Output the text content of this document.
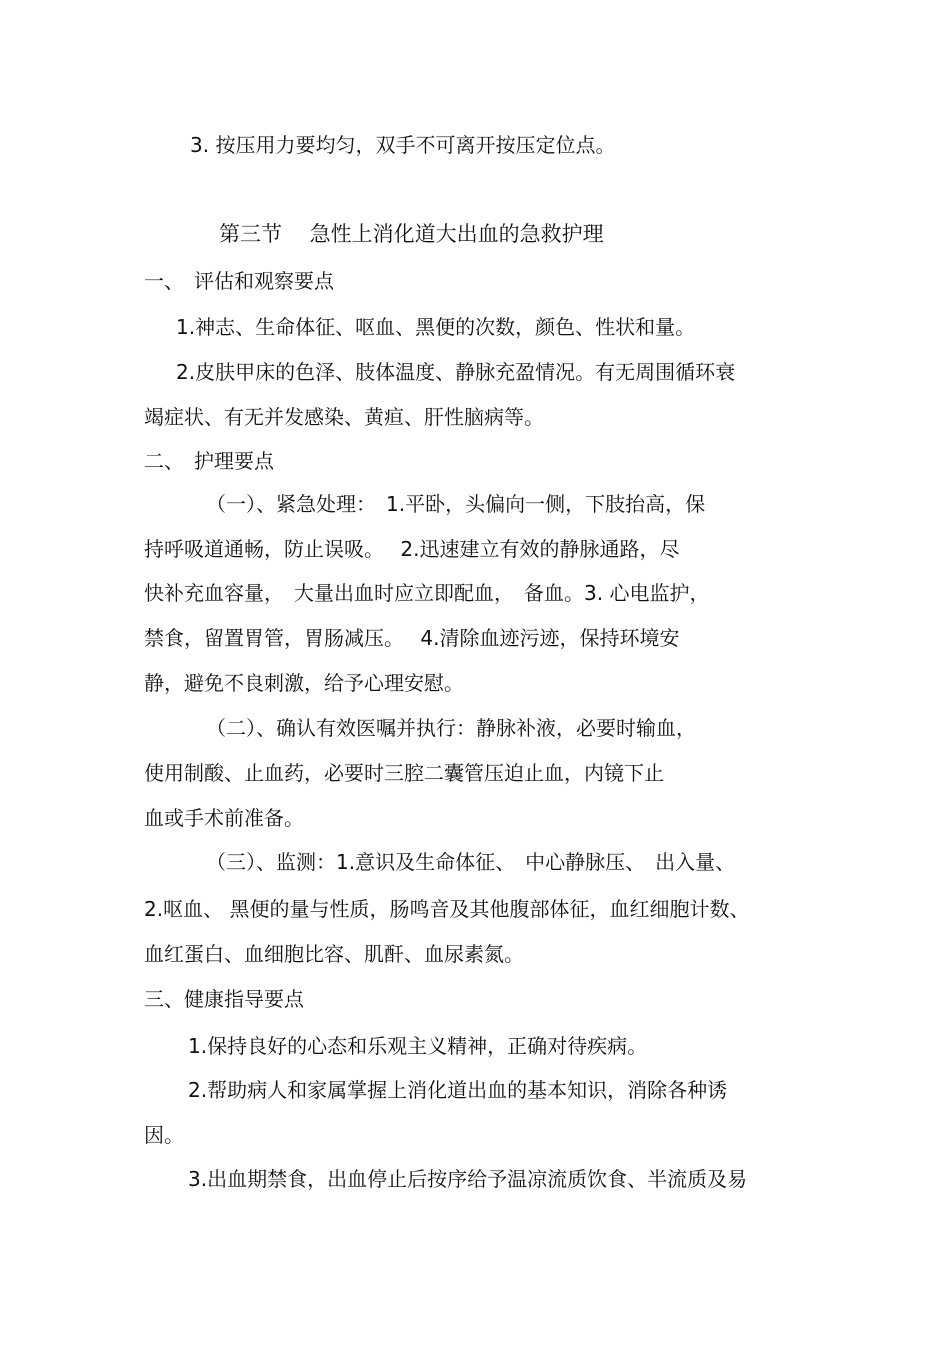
3. 按压用力要均匀，双手不可离开按压定位点。

第三节　 急性上消化道大出血的急救护理

一、　评估和观察要点

1.神志、生命体征、呕血、黑便的次数，颜色、性状和量。

2.皮肤甲床的色泽、肢体温度、静脉充盈情况。有无周围循环衰

竭症状、有无并发感染、黄疸、肝性脑病等。

二、　护理要点

（一）、紧急处理：　1.平卧，头偏向一侧，下肢抬高，保

持呼吸道通畅，防止误吸。　 2.迅速建立有效的静脉通路，尽

快补充血容量，　大量出血时应立即配血，　备血。3. 心电监护，

禁食，留置胃管，胃肠减压。　 4.清除血迹污迹，保持环境安

静，避免不良刺激，给予心理安慰。

（二）、确认有效医嘱并执行：静脉补液，必要时输血，

使用制酸、止血药，必要时三腔二囊管压迫止血，内镜下止

血或手术前准备。

（三）、监测：1.意识及生命体征、　中心静脉压、　出入量、

2.呕血、 黑便的量与性质，肠鸣音及其他腹部体征，血红细胞计数、

血红蛋白、血细胞比容、肌酐、血尿素氮。

三、健康指导要点

1.保持良好的心态和乐观主义精神，正确对待疾病。

2.帮助病人和家属掌握上消化道出血的基本知识，消除各种诱

因。

3.出血期禁食，出血停止后按序给予温凉流质饮食、半流质及易
